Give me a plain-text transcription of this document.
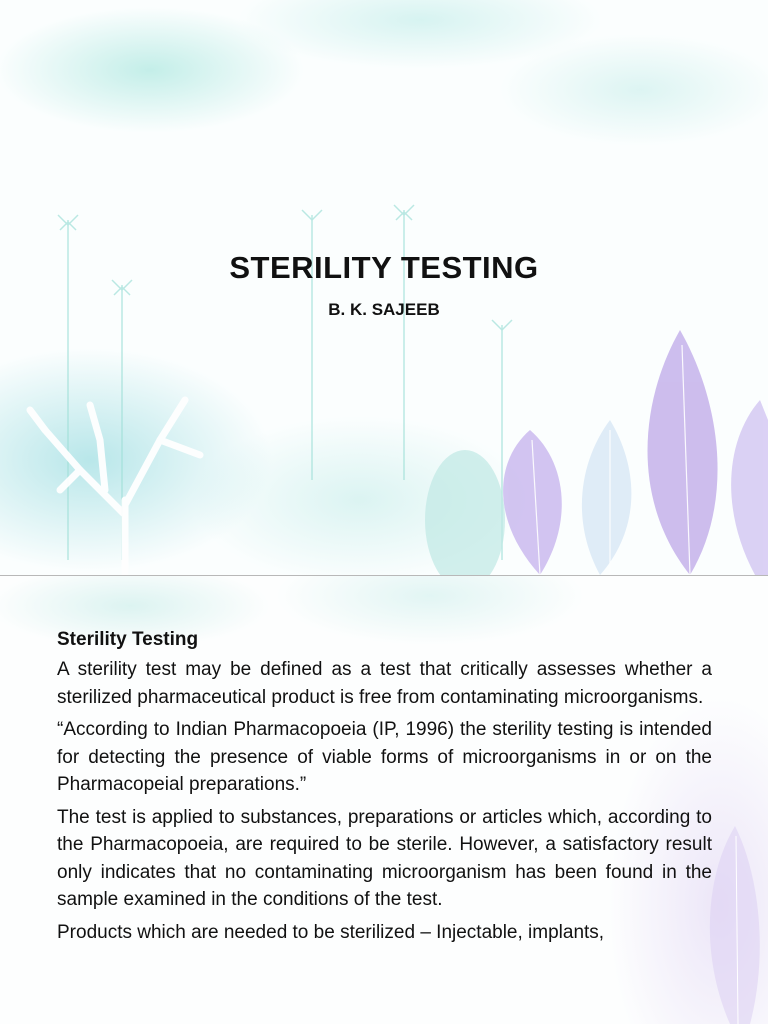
STERILITY TESTING
B. K. SAJEEB
Sterility Testing

A sterility test may be defined as a test that critically assesses whether a sterilized pharmaceutical product is free from contaminating microorganisms.

“According to Indian Pharmacopoeia (IP, 1996) the sterility testing is intended for detecting the presence of viable forms of microorganisms in or on the Pharmacopeial preparations.”

The test is applied to substances, preparations or articles which, according to the Pharmacopoeia, are required to be sterile. However, a satisfactory result only indicates that no contaminating microorganism has been found in the sample examined in the conditions of the test.

Products which are needed to be sterilized – Injectable, implants,
